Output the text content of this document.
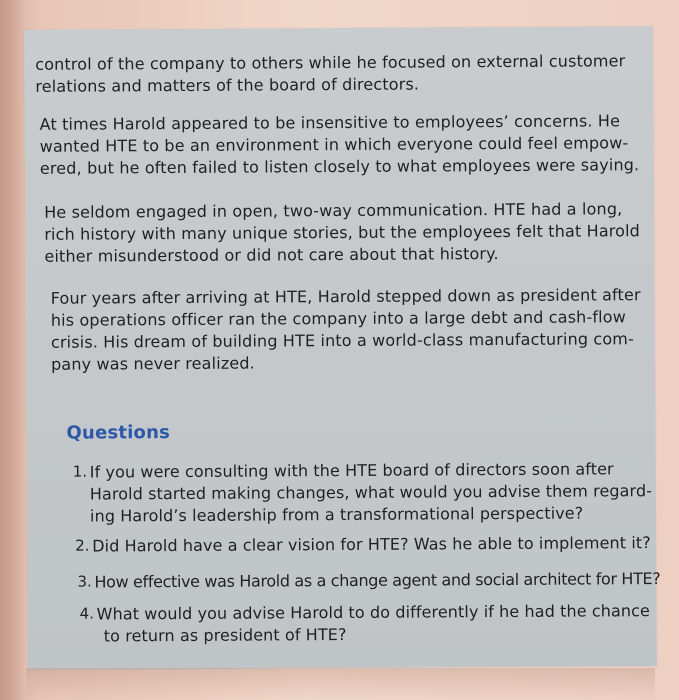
control of the company to others while he focused on external customer
relations and matters of the board of directors.
At times Harold appeared to be insensitive to employees’ concerns. He
wanted HTE to be an environment in which everyone could feel empow-
ered, but he often failed to listen closely to what employees were saying.
He seldom engaged in open, two-way communication. HTE had a long,
rich history with many unique stories, but the employees felt that Harold
either misunderstood or did not care about that history.
Four years after arriving at HTE, Harold stepped down as president after
his operations officer ran the company into a large debt and cash-flow
crisis. His dream of building HTE into a world-class manufacturing com-
pany was never realized.
Questions
1. If you were consulting with the HTE board of directors soon after
Harold started making changes, what would you advise them regard-
ing Harold’s leadership from a transformational perspective?
2. Did Harold have a clear vision for HTE? Was he able to implement it?
3. How effective was Harold as a change agent and social architect for HTE?
4. What would you advise Harold to do differently if he had the chance
to return as president of HTE?
